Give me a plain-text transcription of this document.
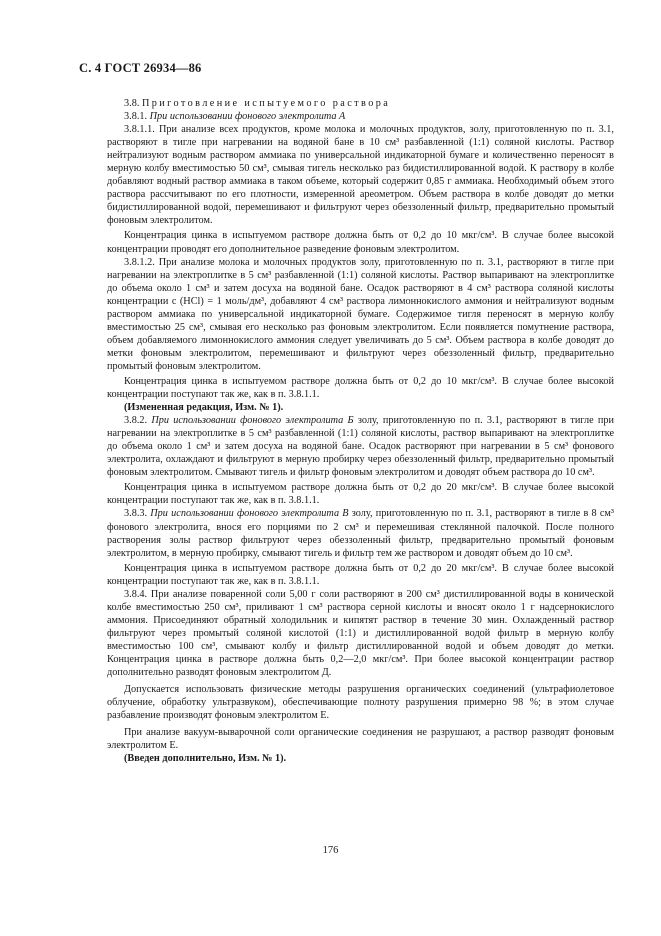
С. 4 ГОСТ 26934—86

3.8. Приготовление испытуемого раствора

3.8.1. При использовании фонового электролита А

3.8.1.1. При анализе всех продуктов, кроме молока и молочных продуктов, золу, приготовленную по п. 3.1, растворяют в тигле при нагревании на водяной бане в 10 см³ разбавленной (1:1) соляной кислоты. Раствор нейтрализуют водным раствором аммиака по универсальной индикаторной бумаге и количественно переносят в мерную колбу вместимостью 50 см³, смывая тигель несколько раз бидистиллированной водой. К раствору в колбе добавляют водный раствор аммиака в таком объеме, который содержит 0,85 г аммиака. Необходимый объем этого раствора рассчитывают по его плотности, измеренной ареометром. Объем раствора в колбе доводят до метки бидистиллированной водой, перемешивают и фильтруют через обеззоленный фильтр, предварительно промытый фоновым электролитом.

Концентрация цинка в испытуемом растворе должна быть от 0,2 до 10 мкг/см³. В случае более высокой концентрации проводят его дополнительное разведение фоновым электролитом.

3.8.1.2. При анализе молока и молочных продуктов золу, приготовленную по п. 3.1, растворяют в тигле при нагревании на электроплитке в 5 см³ разбавленной (1:1) соляной кислоты. Раствор выпаривают на электроплитке до объема около 1 см³ и затем досуха на водяной бане. Осадок растворяют в 4 см³ раствора соляной кислоты концентрации с (HCl) = 1 моль/дм³, добавляют 4 см³ раствора лимоннокислого аммония и нейтрализуют водным раствором аммиака по универсальной индикаторной бумаге. Содержимое тигля переносят в мерную колбу вместимостью 25 см³, смывая его несколько раз фоновым электролитом. Если появляется помутнение раствора, объем добавляемого лимоннокислого аммония следует увеличивать до 5 см³. Объем раствора в колбе доводят до метки фоновым электролитом, перемешивают и фильтруют через обеззоленный фильтр, предварительно промытый фоновым электролитом.

Концентрация цинка в испытуемом растворе должна быть от 0,2 до 10 мкг/см³. В случае более высокой концентрации поступают так же, как в п. 3.8.1.1.

(Измененная редакция, Изм. № 1).

3.8.2. При использовании фонового электролита Б золу, приготовленную по п. 3.1, растворяют в тигле при нагревании на электроплитке в 5 см³ разбавленной (1:1) соляной кислоты, раствор выпаривают на электроплитке до объема около 1 см³ и затем досуха на водяной бане. Осадок растворяют при нагревании в 5 см³ фонового электролита, охлаждают и фильтруют в мерную пробирку через обеззоленный фильтр, предварительно промытый фоновым электролитом. Смывают тигель и фильтр фоновым электролитом и доводят объем раствора до 10 см³.

Концентрация цинка в испытуемом растворе должна быть от 0,2 до 20 мкг/см³. В случае более высокой концентрации поступают так же, как в п. 3.8.1.1.

3.8.3. При использовании фонового электролита В золу, приготовленную по п. 3.1, растворяют в тигле в 8 см³ фонового электролита, внося его порциями по 2 см³ и перемешивая стеклянной палочкой. После полного растворения золы раствор фильтруют через обеззоленный фильтр, предварительно промытый фоновым электролитом, в мерную пробирку, смывают тигель и фильтр тем же раствором и доводят объем до 10 см³.

Концентрация цинка в испытуемом растворе должна быть от 0,2 до 20 мкг/см³. В случае более высокой концентрации поступают так же, как в п. 3.8.1.1.

3.8.4. При анализе поваренной соли 5,00 г соли растворяют в 200 см³ дистиллированной воды в конической колбе вместимостью 250 см³, приливают 1 см³ раствора серной кислоты и вносят около 1 г надсернокислого аммония. Присоединяют обратный холодильник и кипятят раствор в течение 30 мин. Охлажденный раствор фильтруют через промытый соляной кислотой (1:1) и дистиллированной водой фильтр в мерную колбу вместимостью 100 см³, смывают колбу и фильтр дистиллированной водой и объем доводят до метки. Концентрация цинка в растворе должна быть 0,2—2,0 мкг/см³. При более высокой концентрации раствор дополнительно разводят фоновым электролитом Д.

Допускается использовать физические методы разрушения органических соединений (ультрафиолетовое облучение, обработку ультразвуком), обеспечивающие полноту разрушения примерно 98 %; в этом случае разбавление производят фоновым электролитом Е.

При анализе вакуум-выварочной соли органические соединения не разрушают, а раствор разводят фоновым электролитом Е.

(Введен дополнительно, Изм. № 1).

176
